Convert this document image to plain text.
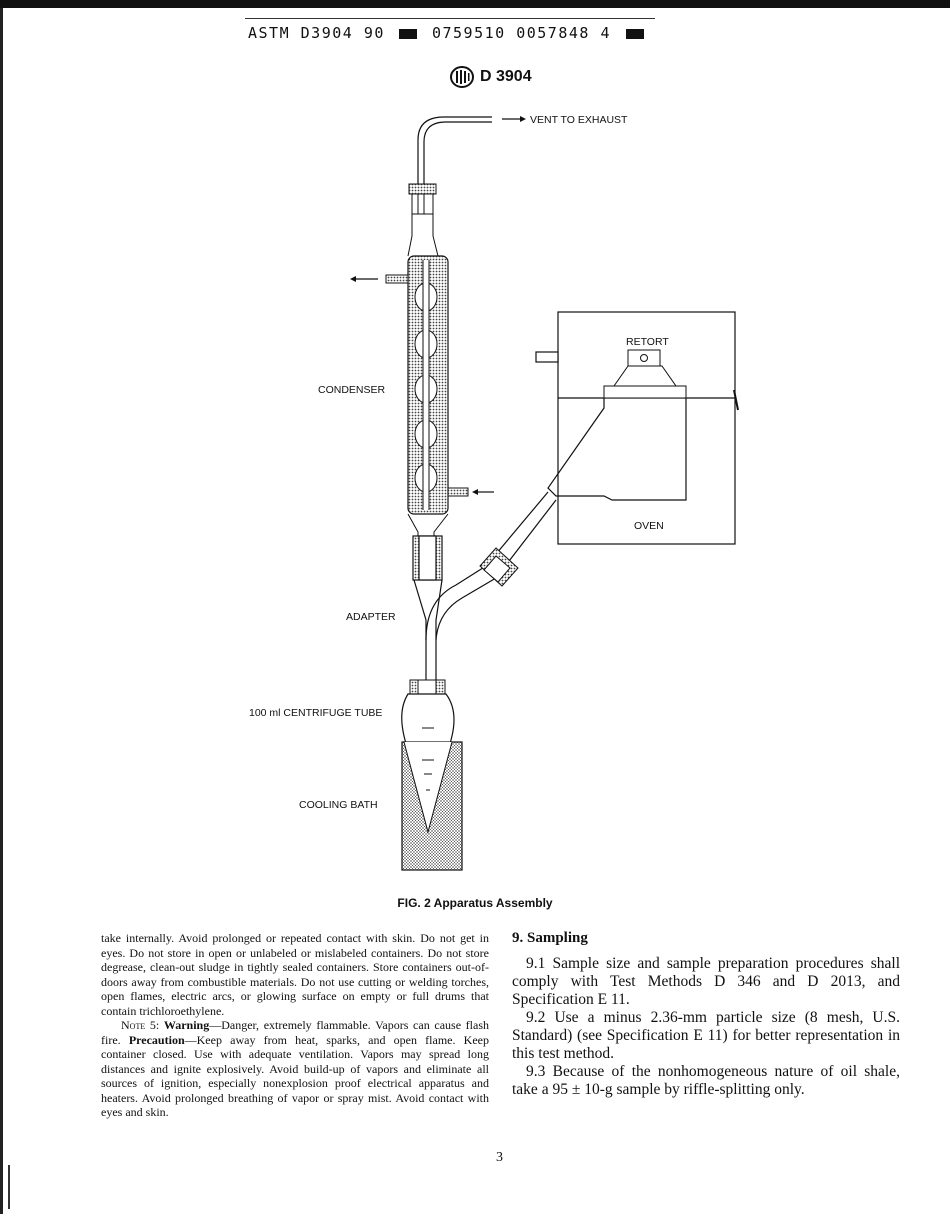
ASTM D3904 90	0759510 0057848 4
D 3904
VENT TO EXHAUST
CONDENSER
ADAPTER
RETORT
OVEN
100 ml CENTRIFUGE TUBE
COOLING BATH
FIG. 2 Apparatus Assembly

take internally. Avoid prolonged or repeated contact with skin. Do not get in eyes. Do not store in open or unlabeled or mislabeled containers. Do not store degrease, clean-out sludge in tightly sealed containers. Store containers out-of-doors away from combustible materials. Do not use cutting or welding torches, open flames, electric arcs, or glowing surface on empty or full drums that contain trichloroethylene.

Note 5: Warning—Danger, extremely flammable. Vapors can cause flash fire. Precaution—Keep away from heat, sparks, and open flame. Keep container closed. Use with adequate ventilation. Vapors may spread long distances and ignite explosively. Avoid build-up of vapors and eliminate all sources of ignition, especially nonexplosion proof electrical apparatus and heaters. Avoid prolonged breathing of vapor or spray mist. Avoid contact with eyes and skin.

9. Sampling

9.1 Sample size and sample preparation procedures shall comply with Test Methods D 346 and D 2013, and Specification E 11.

9.2 Use a minus 2.36-mm particle size (8 mesh, U.S. Standard) (see Specification E 11) for better representation in this test method.

9.3 Because of the nonhomogeneous nature of oil shale, take a 95 ± 10-g sample by riffle-splitting only.

3
